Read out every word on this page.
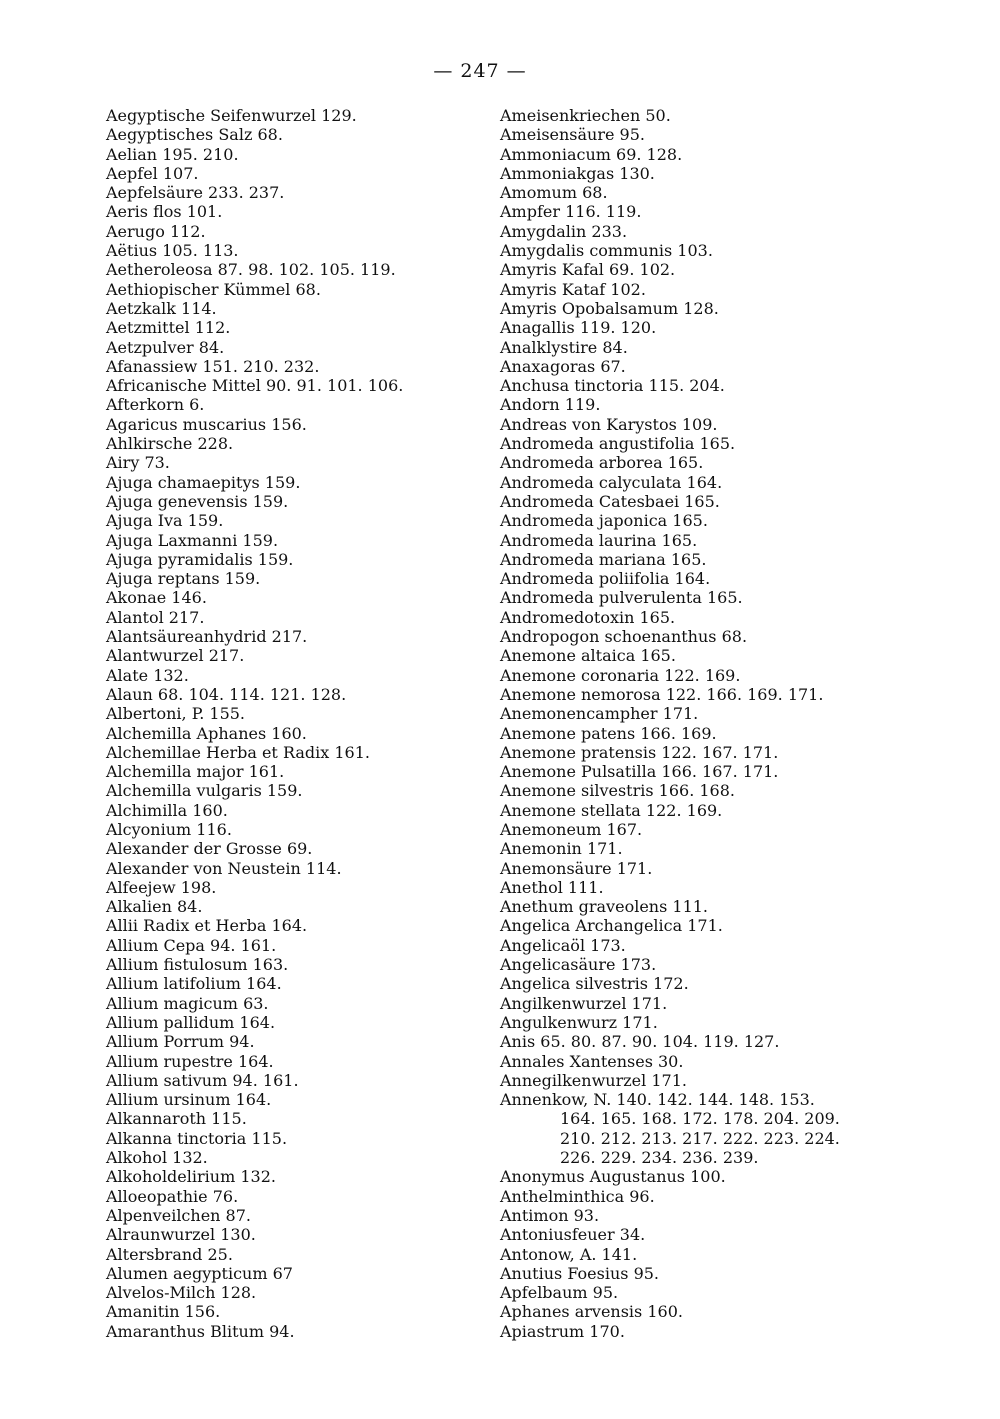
— 247 —
Aegyptische Seifenwurzel 129.
Aegyptisches Salz 68.
Aelian 195. 210.
Aepfel 107.
Aepfelsäure 233. 237.
Aeris flos 101.
Aerugo 112.
Aëtius 105. 113.
Aetheroleosa 87. 98. 102. 105. 119.
Aethiopischer Kümmel 68.
Aetzkalk 114.
Aetzmittel 112.
Aetzpulver 84.
Afanassiew 151. 210. 232.
Africanische Mittel 90. 91. 101. 106.
Afterkorn 6.
Agaricus muscarius 156.
Ahlkirsche 228.
Airy 73.
Ajuga chamaepitys 159.
Ajuga genevensis 159.
Ajuga Iva 159.
Ajuga Laxmanni 159.
Ajuga pyramidalis 159.
Ajuga reptans 159.
Akonae 146.
Alantol 217.
Alantsäureanhydrid 217.
Alantwurzel 217.
Alate 132.
Alaun 68. 104. 114. 121. 128.
Albertoni, P. 155.
Alchemilla Aphanes 160.
Alchemillae Herba et Radix 161.
Alchemilla major 161.
Alchemilla vulgaris 159.
Alchimilla 160.
Alcyonium 116.
Alexander der Grosse 69.
Alexander von Neustein 114.
Alfeejew 198.
Alkalien 84.
Allii Radix et Herba 164.
Allium Cepa 94. 161.
Allium fistulosum 163.
Allium latifolium 164.
Allium magicum 63.
Allium pallidum 164.
Allium Porrum 94.
Allium rupestre 164.
Allium sativum 94. 161.
Allium ursinum 164.
Alkannaroth 115.
Alkanna tinctoria 115.
Alkohol 132.
Alkoholdelirium 132.
Alloeopathie 76.
Alpenveilchen 87.
Alraunwurzel 130.
Altersbrand 25.
Alumen aegypticum 67
Alvelos-Milch 128.
Amanitin 156.
Amaranthus Blitum 94.
Ameisenkriechen 50.
Ameisensäure 95.
Ammoniacum 69. 128.
Ammoniakgas 130.
Amomum 68.
Ampfer 116. 119.
Amygdalin 233.
Amygdalis communis 103.
Amyris Kafal 69. 102.
Amyris Kataf 102.
Amyris Opobalsamum 128.
Anagallis 119. 120.
Analklystire 84.
Anaxagoras 67.
Anchusa tinctoria 115. 204.
Andorn 119.
Andreas von Karystos 109.
Andromeda angustifolia 165.
Andromeda arborea 165.
Andromeda calyculata 164.
Andromeda Catesbaei 165.
Andromeda japonica 165.
Andromeda laurina 165.
Andromeda mariana 165.
Andromeda poliifolia 164.
Andromeda pulverulenta 165.
Andromedotoxin 165.
Andropogon schoenanthus 68.
Anemone altaica 165.
Anemone coronaria 122. 169.
Anemone nemorosa 122. 166. 169. 171.
Anemonencampher 171.
Anemone patens 166. 169.
Anemone pratensis 122. 167. 171.
Anemone Pulsatilla 166. 167. 171.
Anemone silvestris 166. 168.
Anemone stellata 122. 169.
Anemoneum 167.
Anemonin 171.
Anemonsäure 171.
Anethol 111.
Anethum graveolens 111.
Angelica Archangelica 171.
Angelicaöl 173.
Angelicasäure 173.
Angelica silvestris 172.
Angilkenwurzel 171.
Angulkenwurz 171.
Anis 65. 80. 87. 90. 104. 119. 127.
Annales Xantenses 30.
Annegilkenwurzel 171.
Annenkow, N. 140. 142. 144. 148. 153.
164. 165. 168. 172. 178. 204. 209.
210. 212. 213. 217. 222. 223. 224.
226. 229. 234. 236. 239.
Anonymus Augustanus 100.
Anthelminthica 96.
Antimon 93.
Antoniusfeuer 34.
Antonow, A. 141.
Anutius Foesius 95.
Apfelbaum 95.
Aphanes arvensis 160.
Apiastrum 170.
